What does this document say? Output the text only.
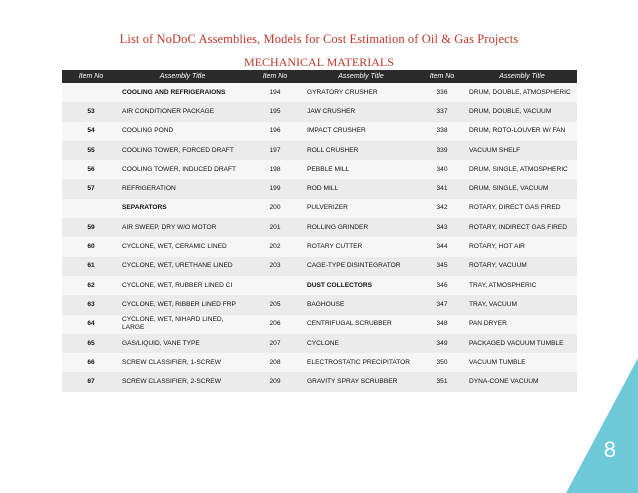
List of NoDoC Assemblies, Models for Cost Estimation of Oil & Gas Projects
MECHANICAL MATERIALS
Item No	Assembly Title	Item No	Assembly Title	Item No	Assembly Title
	COOLING AND REFRIGERAIONS	194	GYRATORY CRUSHER	336	DRUM, DOUBLE, ATMOSPHERIC
53	AIR CONDITIONER PACKAGE	195	JAW CRUSHER	337	DRUM, DOUBLE, VACUUM
54	COOLING POND	196	IMPACT CRUSHER	338	DRUM, ROTO-LOUVER W/ FAN
55	COOLING TOWER, FORCED DRAFT	197	ROLL CRUSHER	339	VACUUM SHELF
56	COOLING TOWER, INDUCED DRAFT	198	PEBBLE MILL	340	DRUM, SINGLE, ATMOSPHERIC
57	REFRIGERATION	199	ROD MILL	341	DRUM, SINGLE, VACUUM
	SEPARATORS	200	PULVERIZER	342	ROTARY, DIRECT GAS FIRED
59	AIR SWEEP, DRY W/O MOTOR	201	ROLLING GRINDER	343	ROTARY, INDIRECT GAS FIRED
60	CYCLONE, WET, CERAMIC LINED	202	ROTARY CUTTER	344	ROTARY, HOT AIR
61	CYCLONE, WET, URETHANE LINED	203	CAGE-TYPE DISINTEGRATOR	345	ROTARY, VACUUM
62	CYCLONE, WET, RUBBER LINED CI		DUST COLLECTORS	346	TRAY, ATMOSPHERIC
63	CYCLONE, WET, RIBBER LINED FRP	205	BAGHOUSE	347	TRAY, VACUUM
64	CYCLONE, WET, NIHARD LINED, LARGE	206	CENTRIFUGAL SCRUBBER	348	PAN DRYER
65	GAS/LIQUID, VANE TYPE	207	CYCLONE	349	PACKAGED VACUUM TUMBLE
66	SCREW CLASSIFIER, 1-SCREW	208	ELECTROSTATIC PRECIPITATOR	350	VACUUM TUMBLE
67	SCREW CLASSIFIER, 2-SCREW	209	GRAVITY SPRAY SCRUBBER	351	DYNA-CONE VACUUM
8
